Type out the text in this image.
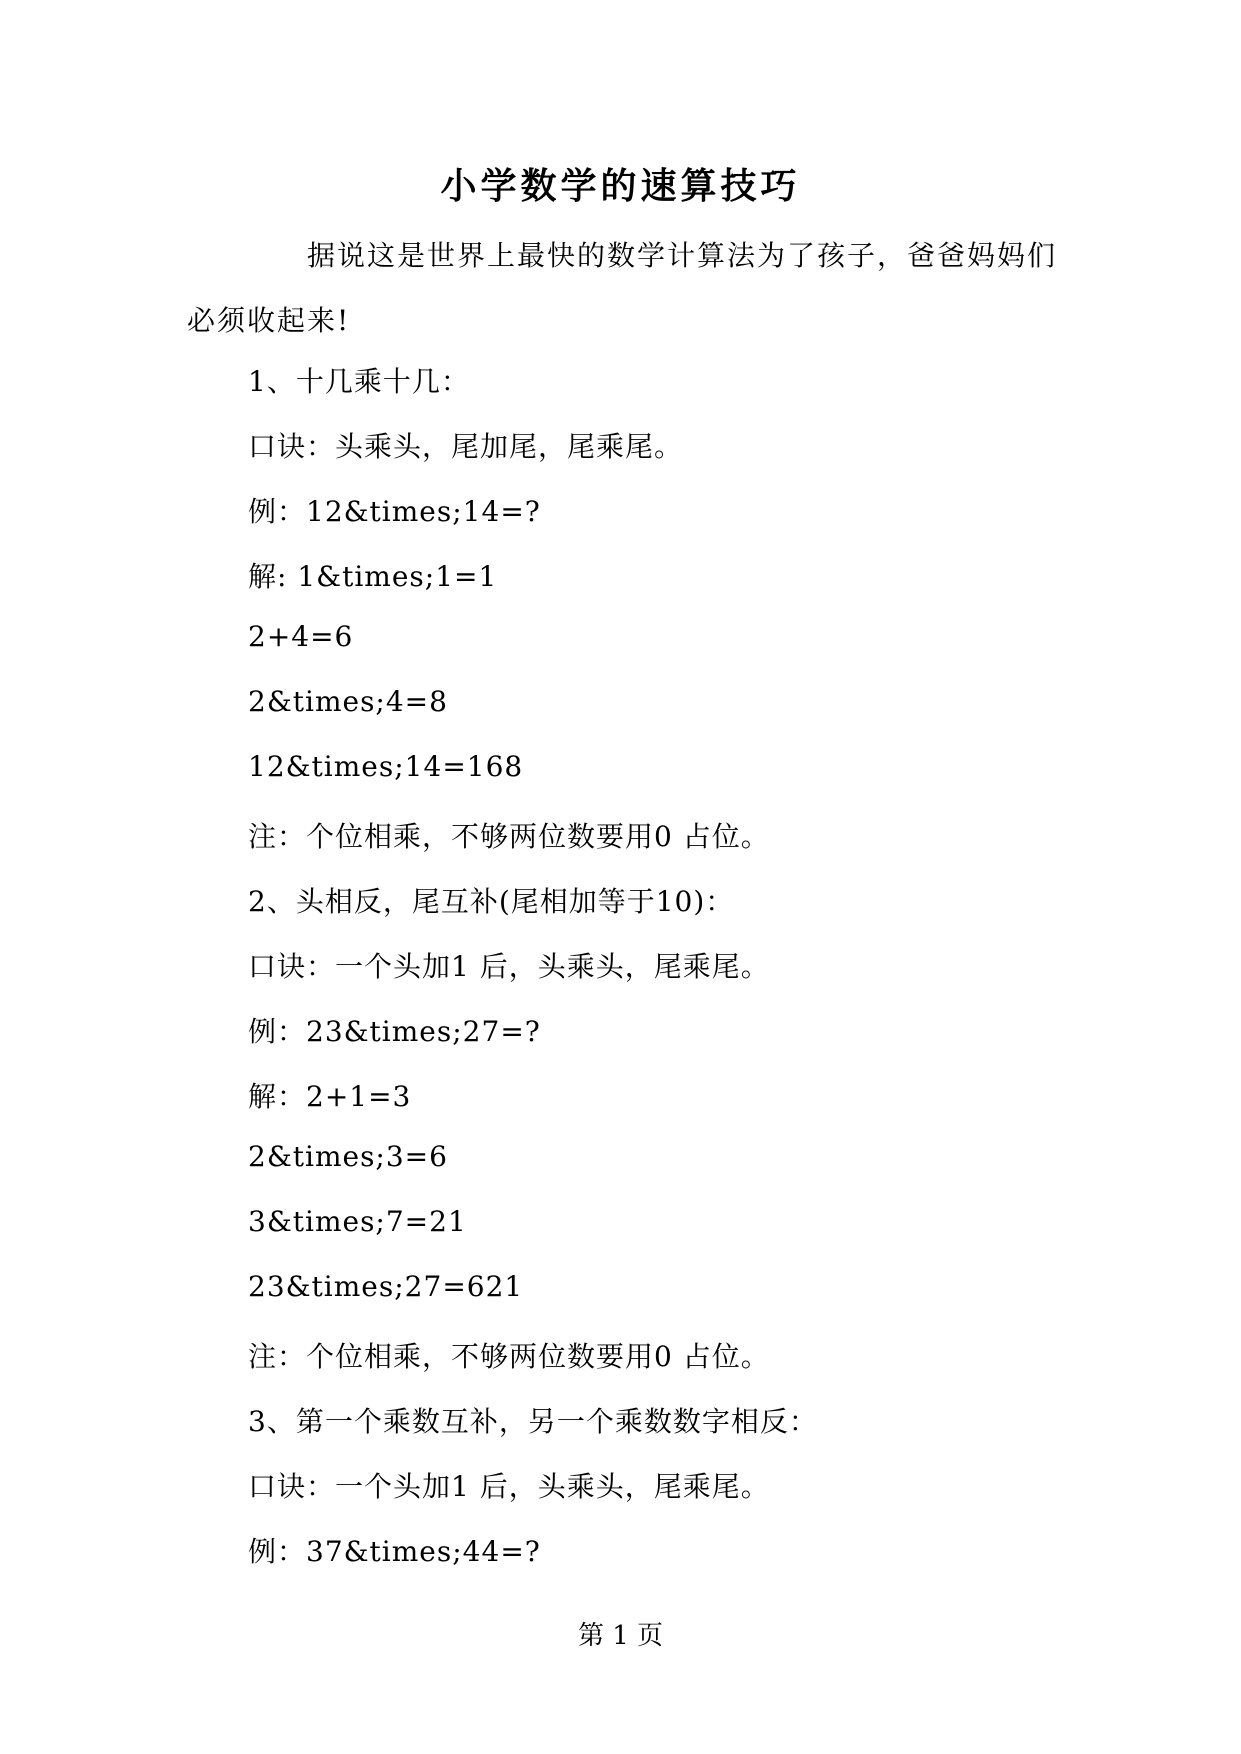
小学数学的速算技巧

据说这是世界上最快的数学计算法为了孩子，爸爸妈妈们必须收起来!

1、十几乘十几：

口诀：头乘头，尾加尾，尾乘尾。

例：12&times;14=?

解: 1&times;1=1

2+4=6

2&times;4=8

12&times;14=168

注：个位相乘，不够两位数要用0 占位。

2、头相反，尾互补(尾相加等于10)：

口诀：一个头加1 后，头乘头，尾乘尾。

例：23&times;27=?

解：2+1=3

2&times;3=6

3&times;7=21

23&times;27=621

注：个位相乘，不够两位数要用0 占位。

3、第一个乘数互补，另一个乘数数字相反：

口诀：一个头加1 后，头乘头，尾乘尾。

例：37&times;44=?

第 1 页
